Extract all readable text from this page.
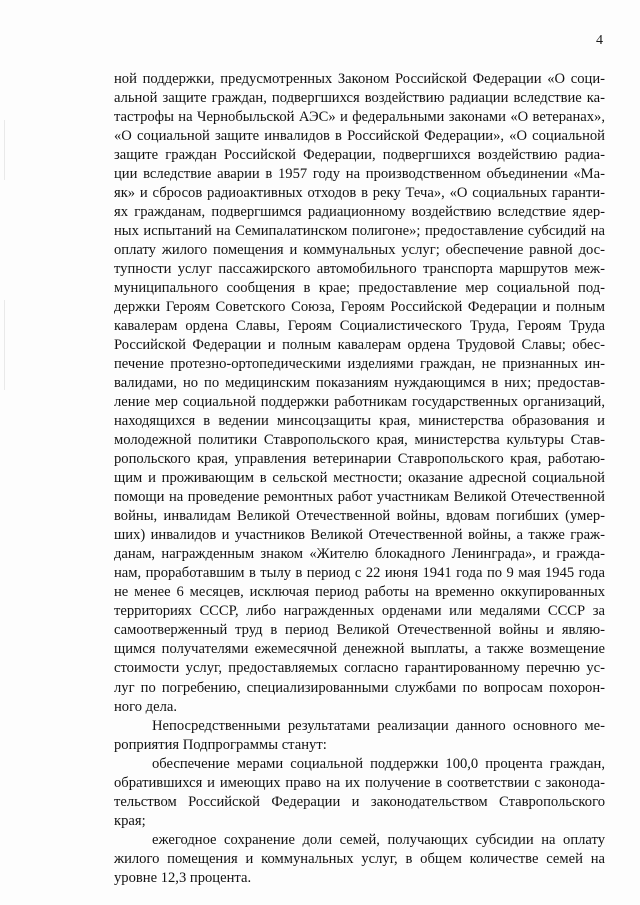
4

ной поддержки, предусмотренных Законом Российской Федерации «О соци-
альной защите граждан, подвергшихся воздействию радиации вследствие ка-
тастрофы на Чернобыльской АЭС» и федеральными законами «О ветеранах»,
«О социальной защите инвалидов в Российской Федерации», «О социальной
защите граждан Российской Федерации, подвергшихся воздействию радиа-
ции вследствие аварии в 1957 году на производственном объединении «Ма-
як» и сбросов радиоактивных отходов в реку Теча», «О социальных гаранти-
ях гражданам, подвергшимся радиационному воздействию вследствие ядер-
ных испытаний на Семипалатинском полигоне»; предоставление субсидий на
оплату жилого помещения и коммунальных услуг; обеспечение равной дос-
тупности услуг пассажирского автомобильного транспорта маршрутов меж-
муниципального сообщения в крае; предоставление мер социальной под-
держки Героям Советского Союза, Героям Российской Федерации и полным
кавалерам ордена Славы, Героям Социалистического Труда, Героям Труда
Российской Федерации и полным кавалерам ордена Трудовой Славы; обес-
печение протезно-ортопедическими изделиями граждан, не признанных ин-
валидами, но по медицинским показаниям нуждающимся в них; предостав-
ление мер социальной поддержки работникам государственных организаций,
находящихся в ведении минсоцзащиты края, министерства образования и
молодежной политики Ставропольского края, министерства культуры Став-
ропольского края, управления ветеринарии Ставропольского края, работаю-
щим и проживающим в сельской местности; оказание адресной социальной
помощи на проведение ремонтных работ участникам Великой Отечественной
войны, инвалидам Великой Отечественной войны, вдовам погибших (умер-
ших) инвалидов и участников Великой Отечественной войны, а также граж-
данам, награжденным знаком «Жителю блокадного Ленинграда», и гражда-
нам, проработавшим в тылу в период с 22 июня 1941 года по 9 мая 1945 года
не менее 6 месяцев, исключая период работы на временно оккупированных
территориях СССР, либо награжденных орденами или медалями СССР за
самоотверженный труд в период Великой Отечественной войны и являю-
щимся получателями ежемесячной денежной выплаты, а также возмещение
стоимости услуг, предоставляемых согласно гарантированному перечню ус-
луг по погребению, специализированными службами по вопросам похорон-
ного дела.

Непосредственными результатами реализации данного основного ме-
роприятия Подпрограммы станут:

обеспечение мерами социальной поддержки 100,0 процента граждан,
обратившихся и имеющих право на их получение в соответствии с законода-
тельством Российской Федерации и законодательством Ставропольского
края;

ежегодное сохранение доли семей, получающих субсидии на оплату
жилого помещения и коммунальных услуг, в общем количестве семей на
уровне 12,3 процента.
